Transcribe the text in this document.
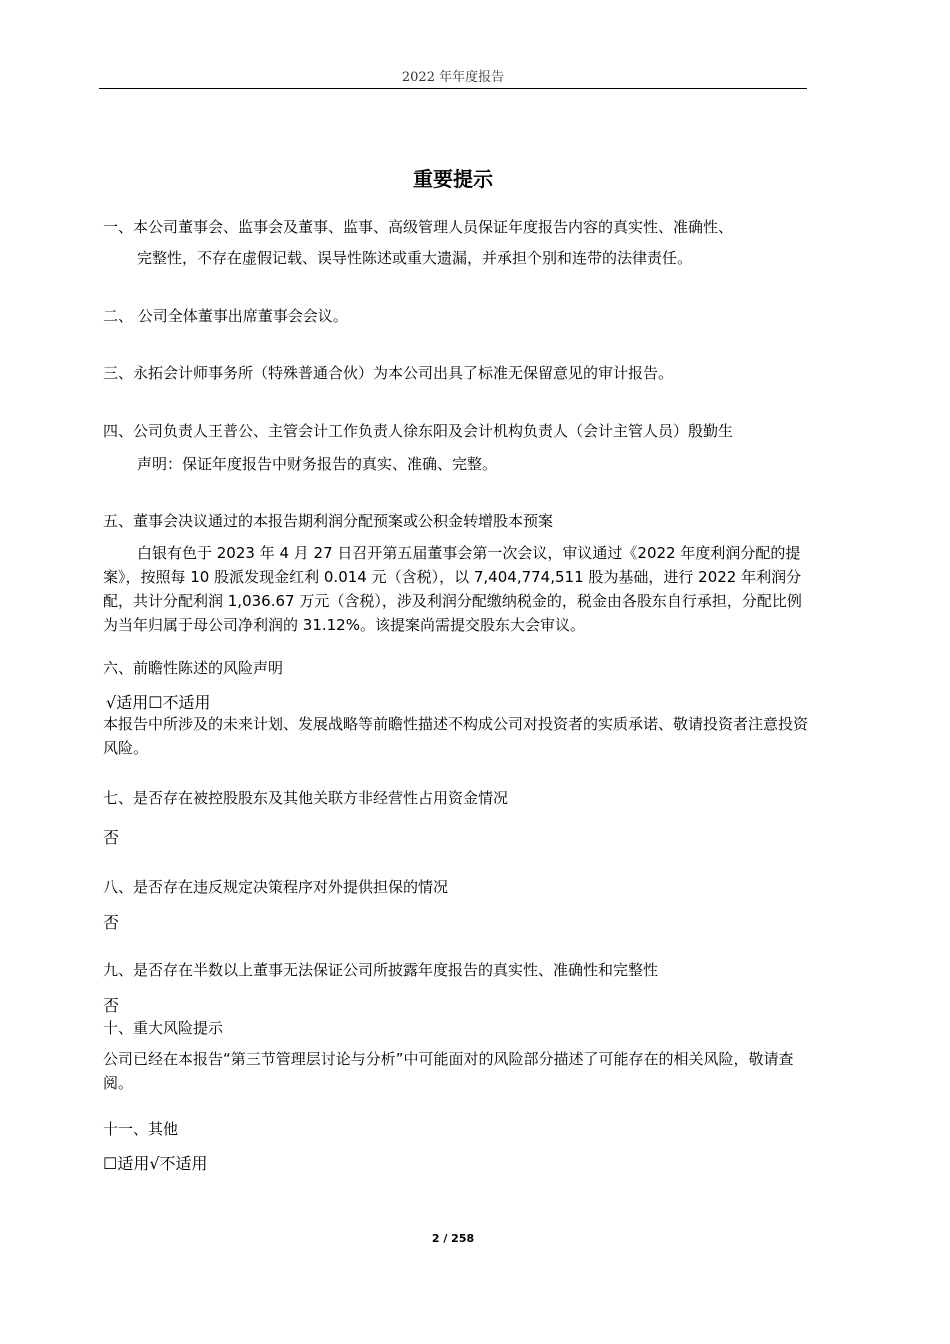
2022 年年度报告
重要提示
一、本公司董事会、监事会及董事、监事、高级管理人员保证年度报告内容的真实性、准确性、
完整性，不存在虚假记载、误导性陈述或重大遗漏，并承担个别和连带的法律责任。
二、 公司全体董事出席董事会会议。
三、永拓会计师事务所（特殊普通合伙）为本公司出具了标准无保留意见的审计报告。
四、公司负责人王普公、主管会计工作负责人徐东阳及会计机构负责人（会计主管人员）殷勤生
声明：保证年度报告中财务报告的真实、准确、完整。
五、董事会决议通过的本报告期利润分配预案或公积金转增股本预案
白银有色于 2023 年 4 月 27 日召开第五届董事会第一次会议，审议通过《2022 年度利润分配的提案》，按照每 10 股派发现金红利 0.014 元（含税），以 7,404,774,511 股为基础，进行 2022 年利润分配，共计分配利润 1,036.67 万元（含税），涉及利润分配缴纳税金的，税金由各股东自行承担，分配比例为当年归属于母公司净利润的 31.12%。该提案尚需提交股东大会审议。
六、前瞻性陈述的风险声明
√适用☐不适用
本报告中所涉及的未来计划、发展战略等前瞻性描述不构成公司对投资者的实质承诺、敬请投资者注意投资风险。
七、是否存在被控股股东及其他关联方非经营性占用资金情况
否
八、是否存在违反规定决策程序对外提供担保的情况
否
九、是否存在半数以上董事无法保证公司所披露年度报告的真实性、准确性和完整性
否
十、重大风险提示
公司已经在本报告“第三节管理层讨论与分析”中可能面对的风险部分描述了可能存在的相关风险，敬请查阅。
十一、其他
☐适用√不适用
2 / 258
